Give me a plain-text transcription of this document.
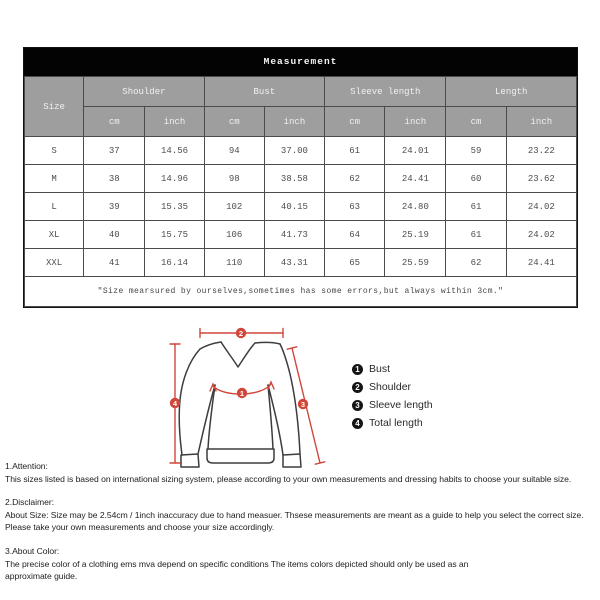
Measurement
Size	Shoulder		Bust		Sleeve length		Length	
	cm	inch	cm	inch	cm	inch	cm	inch
S	37	14.56	94	37.00	61	24.01	59	23.22
M	38	14.96	98	38.58	62	24.41	60	23.62
L	39	15.35	102	40.15	63	24.80	61	24.02
XL	40	15.75	106	41.73	64	25.19	61	24.02
XXL	41	16.14	110	43.31	65	25.59	62	24.41
″Size mearsured by ourselves,sometimes has some errors,but always within 3cm.″								
1
2
3
4
1 Bust
2 Shoulder
3 Sleeve length
4 Total length

1.Attention:

This sizes listed is based on international sizing system, please according to your own measurements and dressing habits to choose your suitable size.

2.Disclaimer:

About Size: Size may be 2.54cm / 1inch inaccuracy due to hand measuer. Thsese measurements are meant as a guide to help you select the correct size. Please take your own measurements and choose your size accordingly.

3.About Color:

The precise color of a clothing ems mva depend on specific conditions The items colors depicted should only be used as an approximate guide.
